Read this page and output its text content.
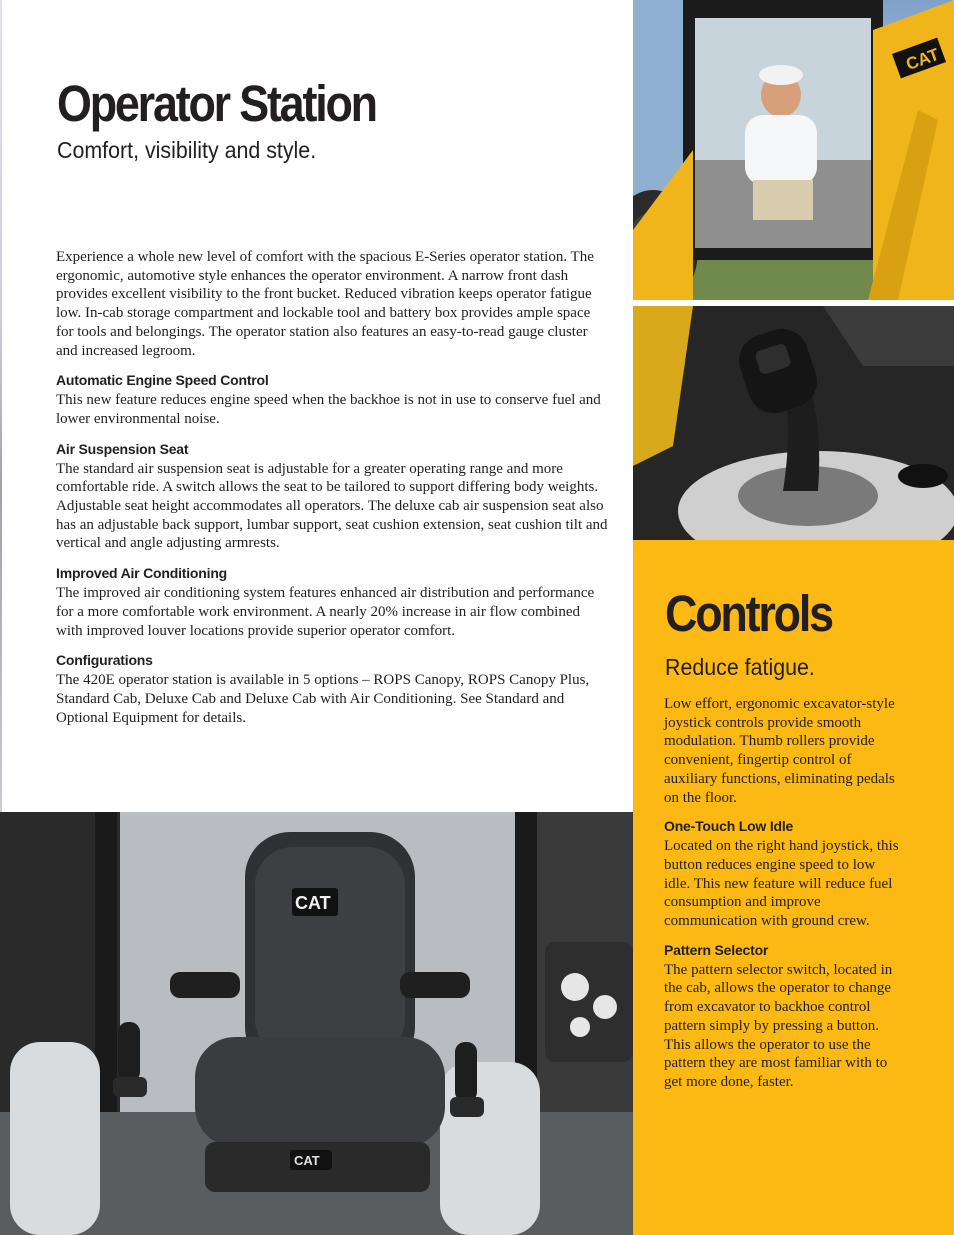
Operator Station
Comfort, visibility and style.

Experience a whole new level of comfort with the spacious E-Series operator station. The ergonomic, automotive style enhances the operator environment. A narrow front dash provides excellent visibility to the front bucket. Reduced vibration keeps operator fatigue low. In-cab storage compartment and lockable tool and battery box provides ample space for tools and belongings. The operator station also features an easy-to-read gauge cluster and increased legroom.

Automatic Engine Speed Control

This new feature reduces engine speed when the backhoe is not in use to conserve fuel and lower environmental noise.

Air Suspension Seat

The standard air suspension seat is adjustable for a greater operating range and more comfortable ride. A switch allows the seat to be tailored to support differing body weights. Adjustable seat height accommodates all operators. The deluxe cab air suspension seat also has an adjustable back support, lumbar support, seat cushion extension, seat cushion tilt and vertical and angle adjusting armrests.

Improved Air Conditioning

The improved air conditioning system features enhanced air distribution and performance for a more comfortable work environment. A nearly 20% increase in air flow combined with improved louver locations provide superior operator comfort.

Configurations

The 420E operator station is available in 5 options – ROPS Canopy, ROPS Canopy Plus, Standard Cab, Deluxe Cab and Deluxe Cab with Air Conditioning. See Standard and Optional Equipment for details.

CAT
CAT
CAT
Controls
Reduce fatigue.

Low effort, ergonomic excavator-style joystick controls provide smooth modulation. Thumb rollers provide convenient, fingertip control of auxiliary functions, eliminating pedals on the floor.

One-Touch Low Idle

Located on the right hand joystick, this button reduces engine speed to low idle. This new feature will reduce fuel consumption and improve communication with ground crew.

Pattern Selector

The pattern selector switch, located in the cab, allows the operator to change from excavator to backhoe control pattern simply by pressing a button. This allows the operator to use the pattern they are most familiar with to get more done, faster.
